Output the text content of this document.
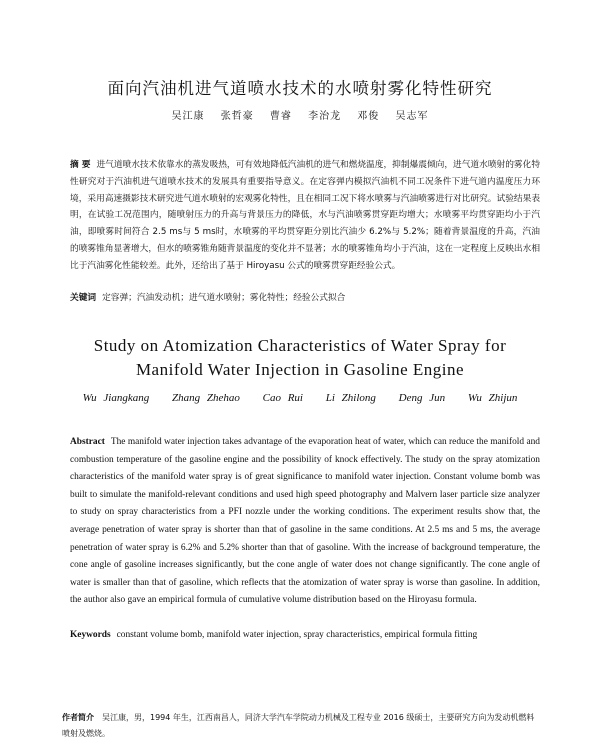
面向汽油机进气道喷水技术的水喷射雾化特性研究
吴江康 张哲豪 曹睿 李治龙 邓俊 吴志军
摘 要 进气道喷水技术依靠水的蒸发吸热，可有效地降低汽油机的进气和燃烧温度，抑制爆震倾向，进气道水喷射的雾化特性研究对于汽油机进气道喷水技术的发展具有重要指导意义。在定容弹内模拟汽油机不同工况条件下进气道内温度压力环境，采用高速摄影技术研究进气道水喷射的宏观雾化特性，且在相同工况下将水喷雾与汽油喷雾进行对比研究。试验结果表明，在试验工况范围内，随喷射压力的升高与背景压力的降低，水与汽油喷雾贯穿距均增大；水喷雾平均贯穿距均小于汽油，即喷雾时间符合 2.5 ms与 5 ms时，水喷雾的平均贯穿距分别比汽油少 6.2%与 5.2%；随着背景温度的升高，汽油的喷雾锥角显著增大，但水的喷雾锥角随背景温度的变化并不显著；水的喷雾锥角均小于汽油，这在一定程度上反映出水相比于汽油雾化性能较差。此外，还给出了基于 Hiroyasu 公式的喷雾贯穿距经验公式。
关键词 定容弹；汽油发动机；进气道水喷射；雾化特性；经验公式拟合
Study on Atomization Characteristics of Water Spray for
Manifold Water Injection in Gasoline Engine
Wu Jiangkang Zhang Zhehao Cao Rui Li Zhilong Deng Jun Wu Zhijun
Abstract The manifold water injection takes advantage of the evaporation heat of water, which can reduce the manifold and combustion temperature of the gasoline engine and the possibility of knock effectively. The study on the spray atomization characteristics of the manifold water spray is of great significance to manifold water injection. Constant volume bomb was built to simulate the manifold-relevant conditions and used high speed photography and Malvern laser particle size analyzer to study on spray characteristics from a PFI nozzle under the working conditions. The experiment results show that, the average penetration of water spray is shorter than that of gasoline in the same conditions. At 2.5 ms and 5 ms, the average penetration of water spray is 6.2% and 5.2% shorter than that of gasoline. With the increase of background temperature, the cone angle of gasoline increases significantly, but the cone angle of water does not change significantly. The cone angle of water is smaller than that of gasoline, which reflects that the atomization of water spray is worse than gasoline. In addition, the author also gave an empirical formula of cumulative volume distribution based on the Hiroyasu formula.
Keywords constant volume bomb, manifold water injection, spray characteristics, empirical formula fitting
作者简介 吴江康，男，1994 年生，江西南昌人，同济大学汽车学院动力机械及工程专业 2016 级硕士，主要研究方向为发动机燃料喷射及燃烧。
